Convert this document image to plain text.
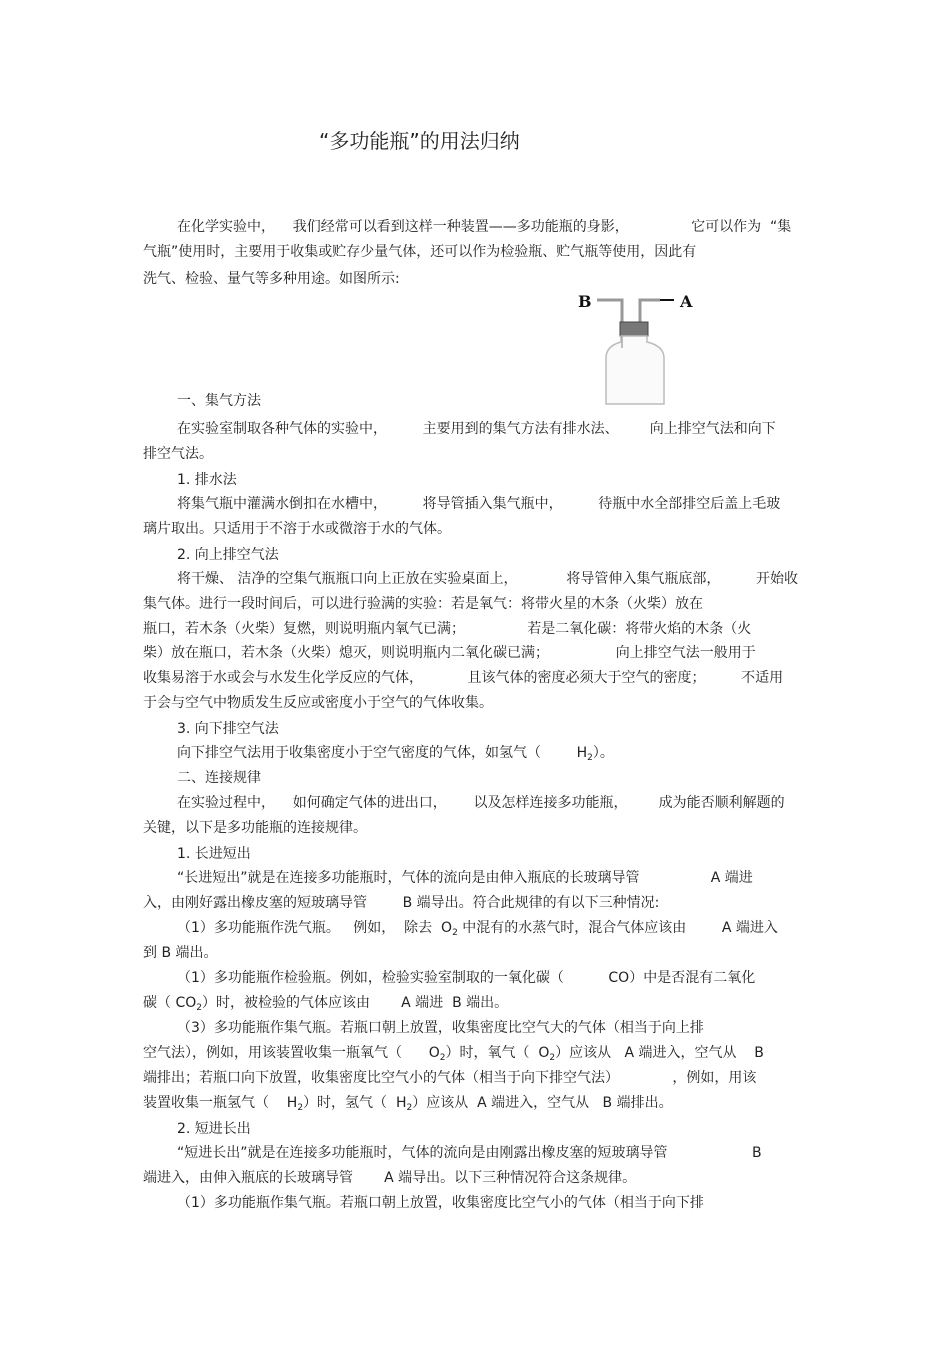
“多功能瓶”的用法归纳
在化学实验中，    我们经常可以看到这样一种装置——多功能瓶的身影，              它可以作为  “集
气瓶”使用时，主要用于收集或贮存少量气体，还可以作为检验瓶、贮气瓶等使用，因此有
洗气、检验、量气等多种用途。如图所示:
B	A
一、集气方法
在实验室制取各种气体的实验中，        主要用到的集气方法有排水法、       向上排空气法和向下
排空气法。
1. 排水法
将集气瓶中灌满水倒扣在水槽中，        将导管插入集气瓶中，        待瓶中水全部排空后盖上毛玻
璃片取出。只适用于不溶于水或微溶于水的气体。
2. 向上排空气法
将干燥、 洁净的空集气瓶瓶口向上正放在实验桌面上，           将导管伸入集气瓶底部，        开始收
集气体。进行一段时间后，可以进行验满的实验：若是氧气：将带火星的木条（火柴）放在
瓶口，若木条（火柴）复燃，则说明瓶内氧气已满；              若是二氧化碳：将带火焰的木条（火
柴）放在瓶口，若木条（火柴）熄灭，则说明瓶内二氧化碳已满；               向上排空气法一般用于
收集易溶于水或会与水发生化学反应的气体，          且该气体的密度必须大于空气的密度；        不适用
于会与空气中物质发生反应或密度小于空气的气体收集。
3. 向下排空气法
向下排空气法用于收集密度小于空气密度的气体，如氢气（        $H_2$）。
二、连接规律
在实验过程中，    如何确定气体的进出口，      以及怎样连接多功能瓶，       成为能否顺利解题的
关键，以下是多功能瓶的连接规律。
1. 长进短出
“长进短出”就是在连接多功能瓶时，气体的流向是由伸入瓶底的长玻璃导管                A 端进
入，由刚好露出橡皮塞的短玻璃导管        B 端导出。符合此规律的有以下三种情况:
（1）多功能瓶作洗气瓶。   例如，  除去  $O_2$ 中混有的水蒸气时，混合气体应该由        A 端进入
到 B 端出。
（1）多功能瓶作检验瓶。例如，检验实验室制取的一氧化碳（          CO）中是否混有二氧化
碳（ $CO_2$）时，被检验的气体应该由       A 端进  B 端出。
（3）多功能瓶作集气瓶。若瓶口朝上放置，收集密度比空气大的气体（相当于向上排
空气法），例如，用该装置收集一瓶氧气（      $O_2$）时，氧气（  $O_2$）应该从   A 端进入，空气从    B
端排出；若瓶口向下放置，收集密度比空气小的气体（相当于向下排空气法）            ，例如，用该
装置收集一瓶氢气（    $H_2$）时，氢气（  $H_2$）应该从  A 端进入，空气从   B 端排出。
2. 短进长出
“短进长出”就是在连接多功能瓶时，气体的流向是由刚露出橡皮塞的短玻璃导管                   B
端进入，由伸入瓶底的长玻璃导管       A 端导出。以下三种情况符合这条规律。
（1）多功能瓶作集气瓶。若瓶口朝上放置，收集密度比空气小的气体（相当于向下排
